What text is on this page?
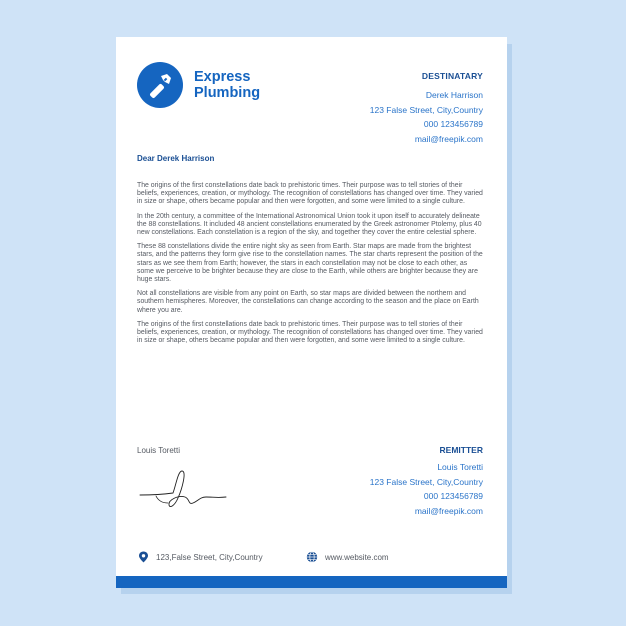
Express
Plumbing
DESTINATARY
Derek Harrison
123 False Street, City,Country
000 123456789
mail@freepik.com
Dear Derek Harrison

The origins of the first constellations date back to prehistoric times. Their purpose was to tell stories of their beliefs, experiences, creation, or mythology. The recognition of constellations has changed over time. They varied in size or shape, others became popular and then were forgotten, and some were limited to a single culture.

In the 20th century, a committee of the International Astronomical Union took it upon itself to accurately delineate the 88 constellations. It included 48 ancient constellations enumerated by the Greek astronomer Ptolemy, plus 40 new constellations. Each constellation is a region of the sky, and together they cover the entire celestial sphere.

These 88 constellations divide the entire night sky as seen from Earth. Star maps are made from the brightest stars, and the patterns they form give rise to the constellation names. The star charts represent the position of the stars as we see them from Earth; however, the stars in each constellation may not be close to each other, as some we perceive to be brighter because they are close to the Earth, while others are brighter because they are huge stars.

Not all constellations are visible from any point on Earth, so star maps are divided between the northern and southern hemispheres. Moreover, the constellations can change according to the season and the place on Earth where you are.

The origins of the first constellations date back to prehistoric times. Their purpose was to tell stories of their beliefs, experiences, creation, or mythology. The recognition of constellations has changed over time. They varied in size or shape, others became popular and then were forgotten, and some were limited to a single culture.

Louis Toretti	REMITTER
Louis Toretti
123 False Street, City,Country
000 123456789
mail@freepik.com
123,False Street, City,Country	www.website.com
